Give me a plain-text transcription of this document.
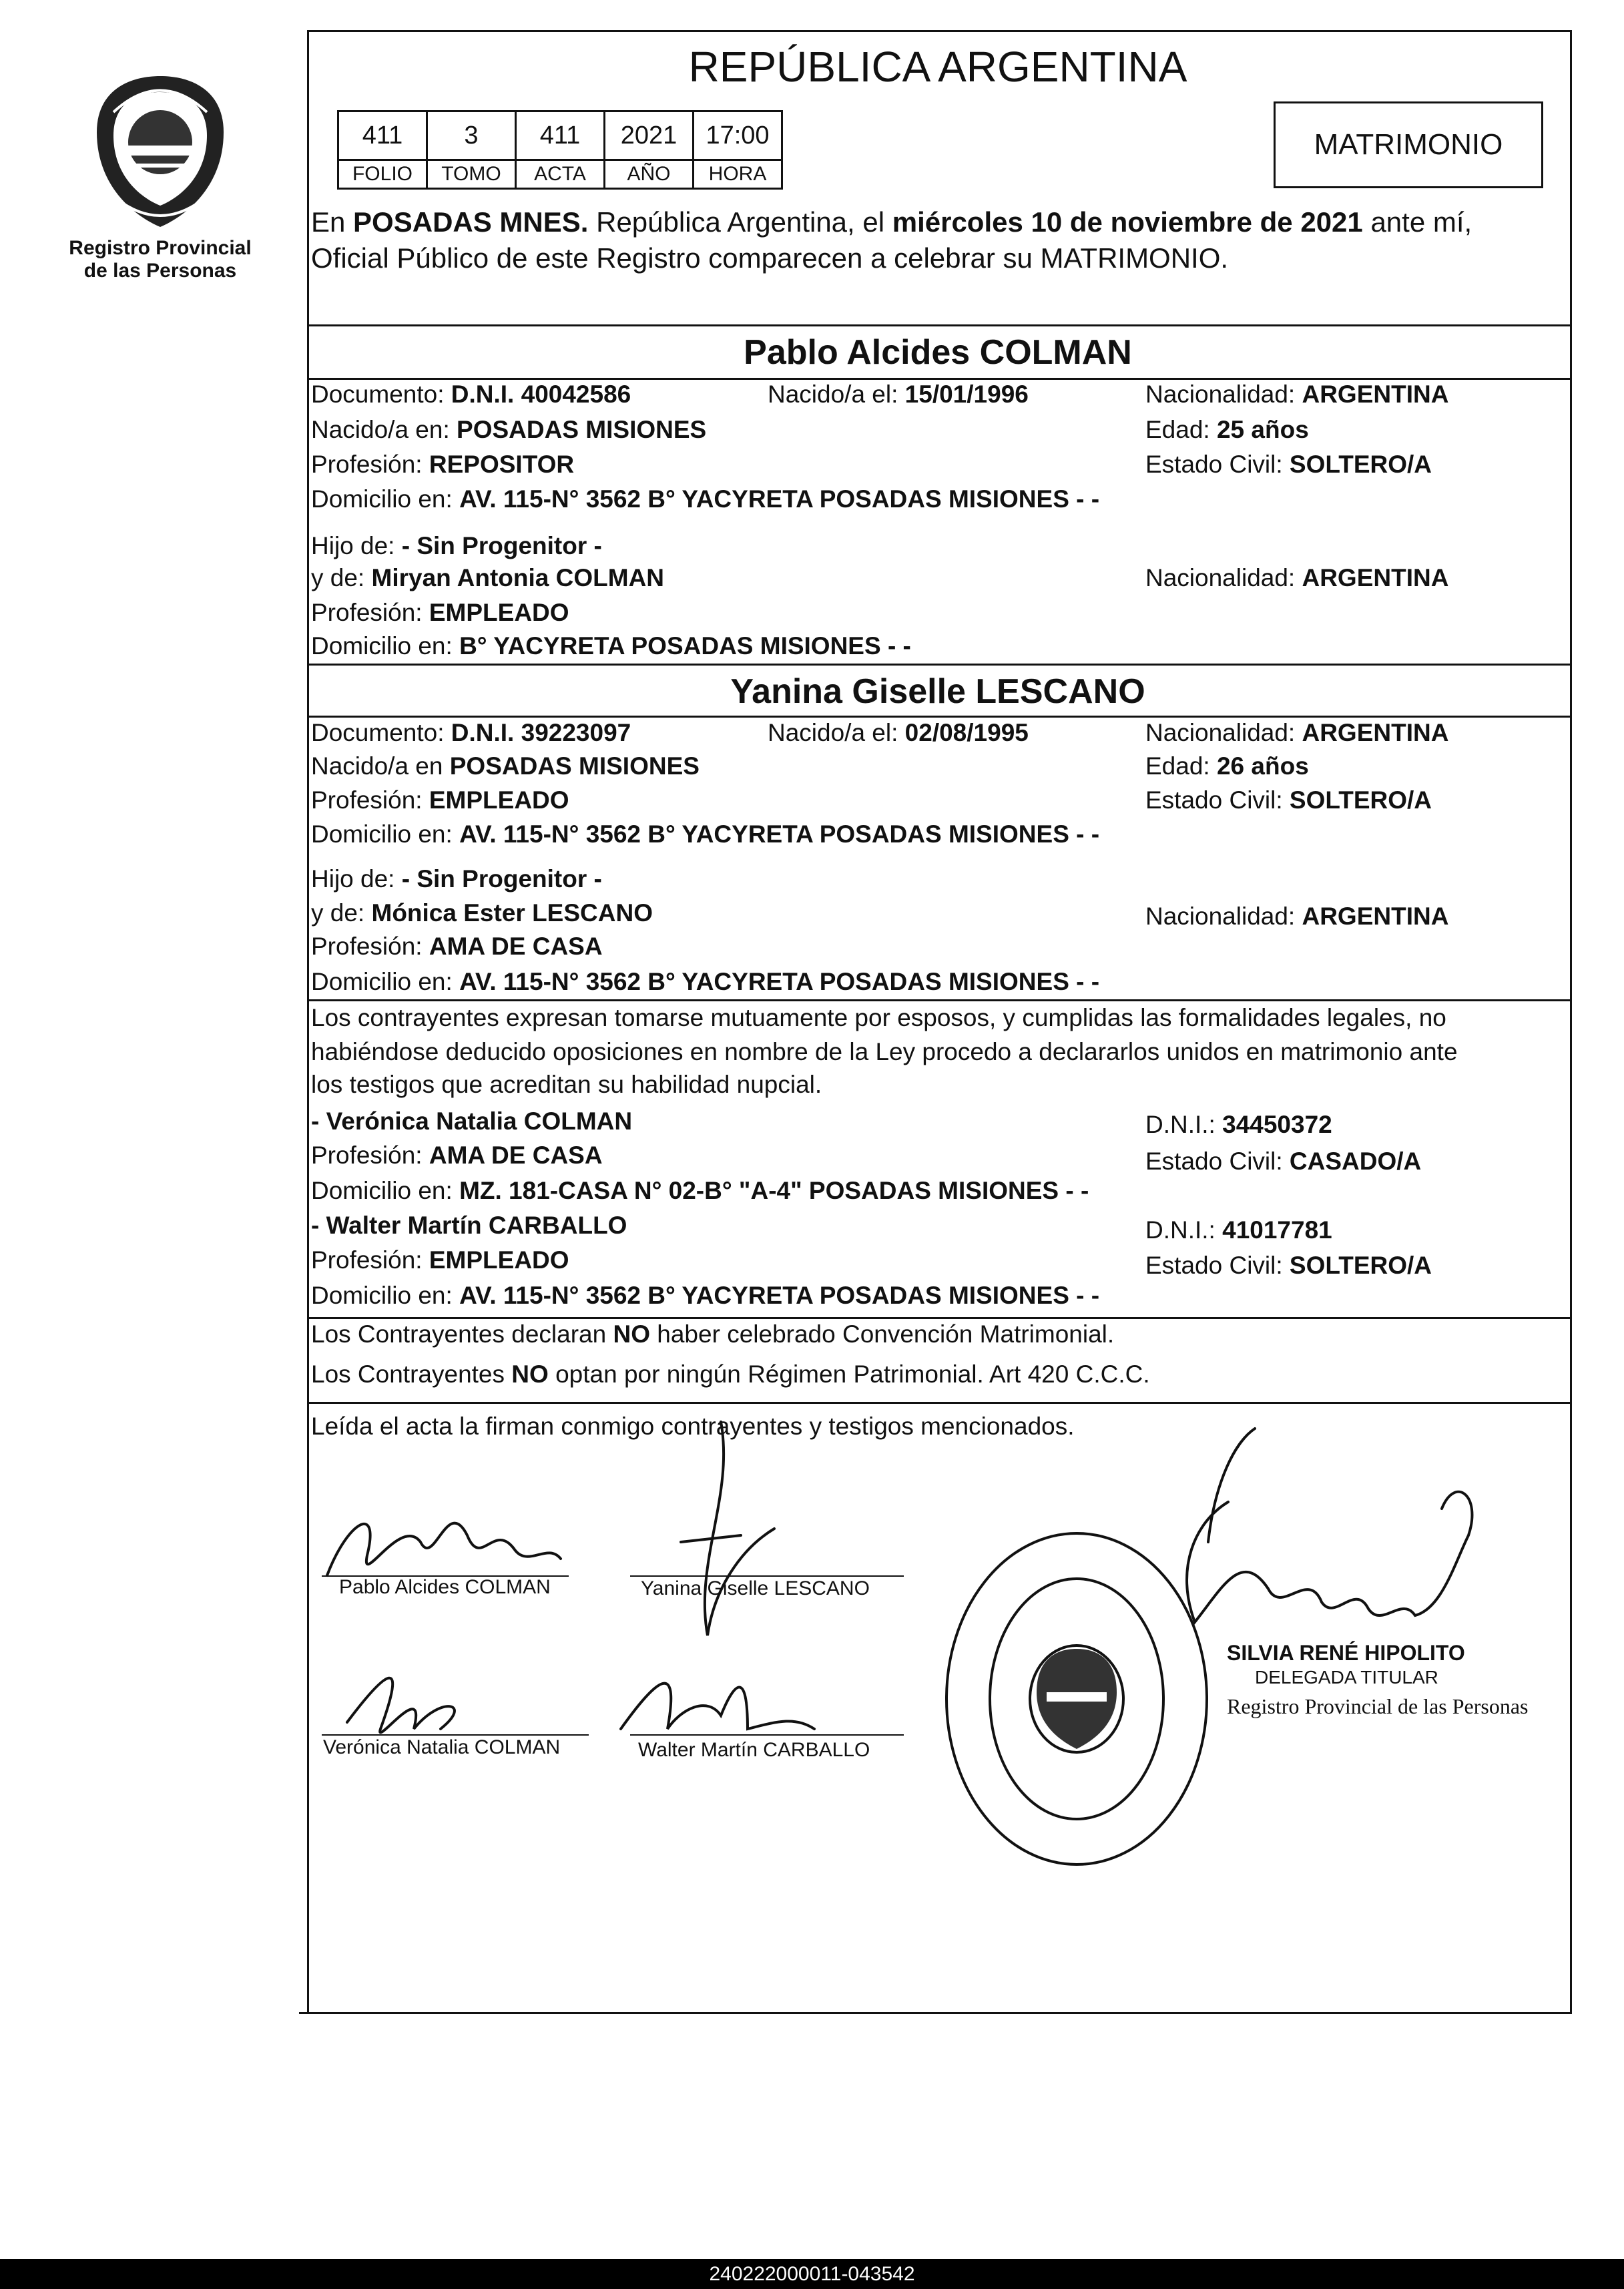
Registro Provincial de las Personas
REPÚBLICA ARGENTINA
411	3	411	2021	17:00
FOLIO	TOMO	ACTA	AÑO	HORA
MATRIMONIO
En POSADAS MNES. República Argentina, el miércoles 10 de noviembre de 2021 ante mí,
Oficial Público de este Registro comparecen a celebrar su MATRIMONIO.
Pablo Alcides COLMAN
Documento: D.N.I. 40042586	Nacido/a el: 15/01/1996	Nacionalidad: ARGENTINA
Nacido/a en: POSADAS MISIONES	Edad: 25 años
Profesión: REPOSITOR	Estado Civil: SOLTERO/A
Domicilio en: AV. 115-N° 3562 B° YACYRETA POSADAS MISIONES - -
Hijo de: - Sin Progenitor -
y de: Miryan Antonia COLMAN	Nacionalidad: ARGENTINA
Profesión: EMPLEADO
Domicilio en: B° YACYRETA POSADAS MISIONES - -
Yanina Giselle LESCANO
Documento: D.N.I. 39223097	Nacido/a el: 02/08/1995	Nacionalidad: ARGENTINA
Nacido/a en POSADAS MISIONES	Edad: 26 años
Profesión: EMPLEADO	Estado Civil: SOLTERO/A
Domicilio en: AV. 115-N° 3562 B° YACYRETA POSADAS MISIONES - -
Hijo de: - Sin Progenitor -
y de: Mónica Ester LESCANO	Nacionalidad: ARGENTINA
Profesión: AMA DE CASA
Domicilio en: AV. 115-N° 3562 B° YACYRETA POSADAS MISIONES - -
Los contrayentes expresan tomarse mutuamente por esposos, y cumplidas las formalidades legales, no
habiéndose deducido oposiciones en nombre de la Ley procedo a declararlos unidos en matrimonio ante
los testigos que acreditan su habilidad nupcial.
- Verónica Natalia COLMAN	D.N.I.: 34450372
Profesión: AMA DE CASA	Estado Civil: CASADO/A
Domicilio en: MZ. 181-CASA N° 02-B° "A-4" POSADAS MISIONES - -
- Walter Martín CARBALLO	D.N.I.: 41017781
Profesión: EMPLEADO	Estado Civil: SOLTERO/A
Domicilio en: AV. 115-N° 3562 B° YACYRETA POSADAS MISIONES - -
Los Contrayentes declaran NO haber celebrado Convención Matrimonial.
Los Contrayentes NO optan por ningún Régimen Patrimonial. Art 420 C.C.C.
Leída el acta la firman conmigo contrayentes y testigos mencionados.
Pablo Alcides COLMAN	Yanina Giselle LESCANO
Verónica Natalia COLMAN	Walter Martín CARBALLO
SILVIA RENÉ HIPOLITO
DELEGADA TITULAR
Registro Provincial de las Personas
240222000011-043542
